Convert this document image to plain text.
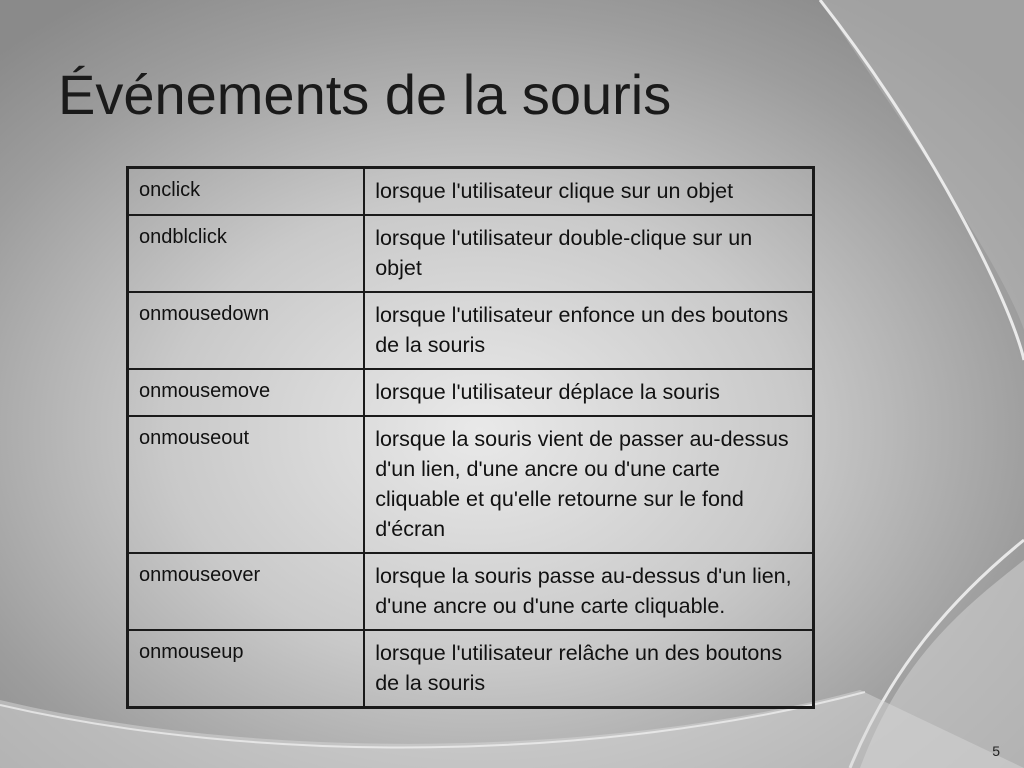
Événements de la souris
onclick	lorsque l'utilisateur clique sur un objet
ondblclick	lorsque l'utilisateur double-clique sur un objet
onmousedown	lorsque l'utilisateur enfonce un des boutons de la souris
onmousemove	lorsque l'utilisateur déplace la souris
onmouseout	lorsque la souris vient de passer au-dessus d'un lien, d'une ancre ou d'une carte cliquable et qu'elle retourne sur le fond d'écran
onmouseover	lorsque la souris passe au-dessus d'un lien, d'une ancre ou d'une carte cliquable.
onmouseup	lorsque l'utilisateur relâche un des boutons de la souris
5
